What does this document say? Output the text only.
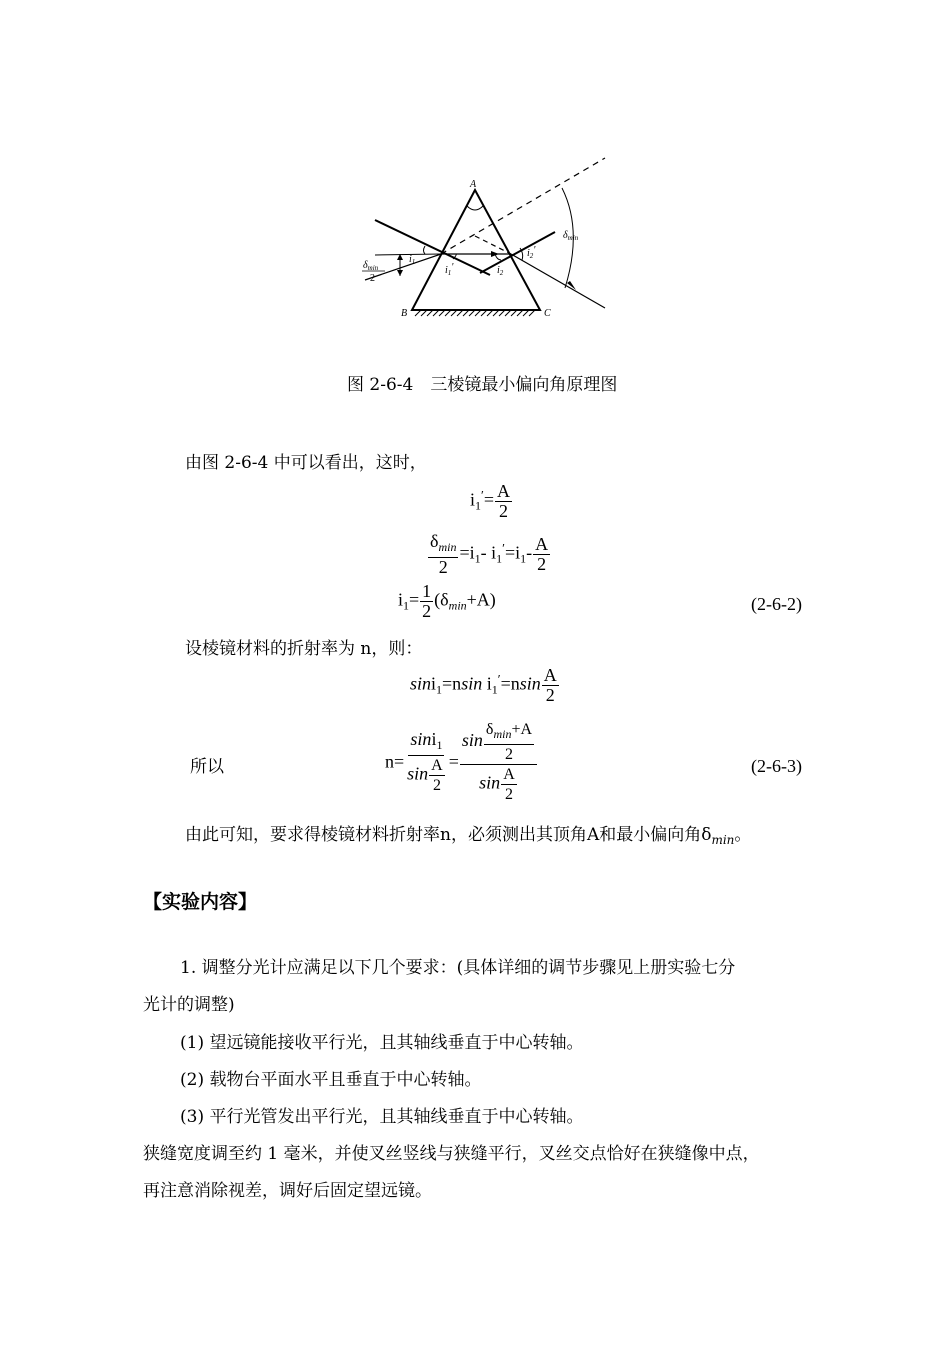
A
B	C
$i_1$
$i_1'$	$i_2$
$i_2'$
$\delta_{min}$
$\delta_{min}$
2
图 2-6-4　三棱镜最小偏向角原理图
由图 2-6-4 中可以看出，这时，
$i_1'= \frac{A}{2}$
$\frac{\delta_{min}}{2} =i_1-$ $i_1'=i_1- \frac{A}{2}$
$i_1= \frac{1}{2} (\delta_{min}+A)$	(2-6-2)
设棱镜材料的折射率为 n，则：
sini$_1$=nsin $i_1'=nsin \frac{A}{2}$
所以	$n= \frac{\sin i_1}{\sin \frac{A}{2}} = \frac{\sin \frac{\delta_{min}+A}{2}}{\sin \frac{A}{2}}$	(2-6-3)
由此可知，要求得棱镜材料折射率n，必须测出其顶角A和最小偏向角$\delta_{min}$。
【实验内容】
1. 调整分光计应满足以下几个要求：(具体详细的调节步骤见上册实验七分
光计的调整)
(1) 望远镜能接收平行光，且其轴线垂直于中心转轴。
(2) 载物台平面水平且垂直于中心转轴。
(3) 平行光管发出平行光，且其轴线垂直于中心转轴。
狭缝宽度调至约 1 毫米，并使叉丝竖线与狭缝平行，叉丝交点恰好在狭缝像中点，
再注意消除视差，调好后固定望远镜。
